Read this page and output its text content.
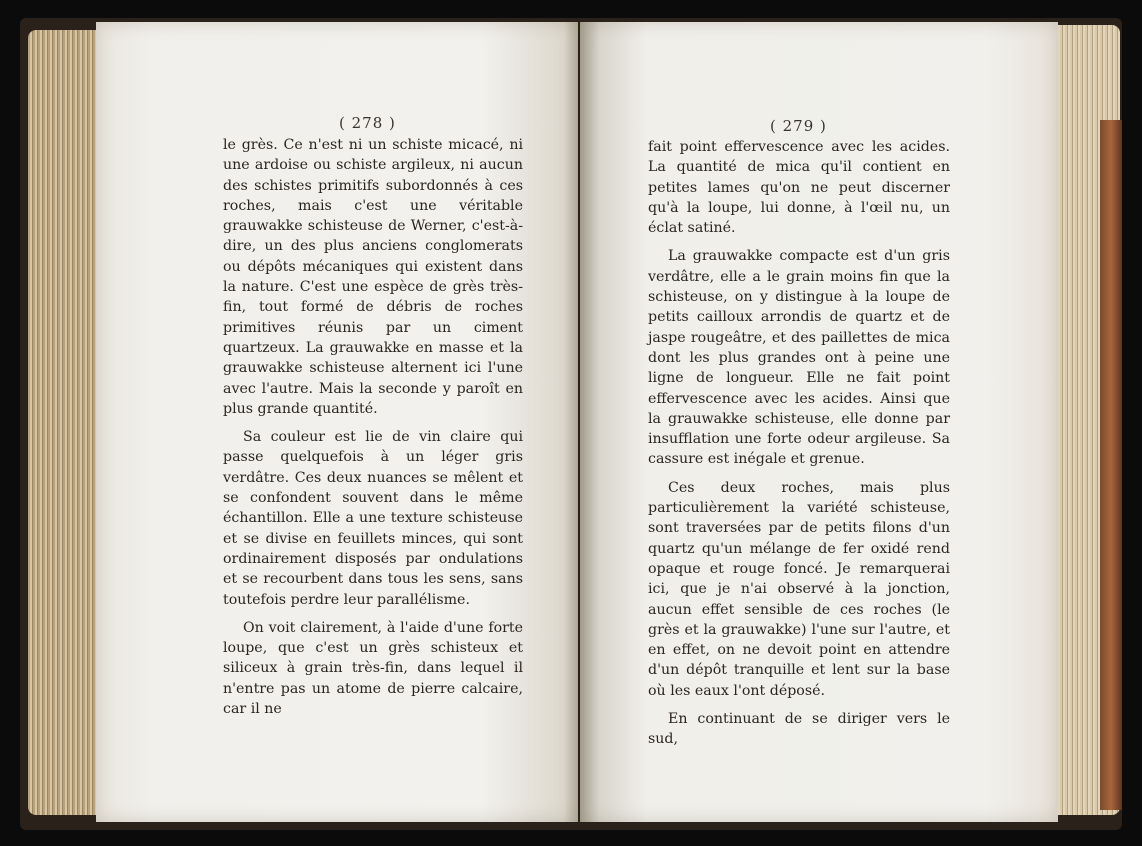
( 278 )

le grès. Ce n'est ni un schiste micacé, ni une ardoise ou schiste argileux, ni aucun des schistes primitifs subordonnés à ces roches, mais c'est une véritable grauwakke schisteuse de Werner, c'est-à-dire, un des plus anciens conglomerats ou dépôts mécaniques qui existent dans la nature. C'est une espèce de grès très-fin, tout formé de débris de roches primitives réunis par un ciment quartzeux. La grauwakke en masse et la grauwakke schisteuse alternent ici l'une avec l'autre. Mais la seconde y paroît en plus grande quantité.

Sa couleur est lie de vin claire qui passe quelquefois à un léger gris verdâtre. Ces deux nuances se mêlent et se confondent souvent dans le même échantillon. Elle a une texture schisteuse et se divise en feuillets minces, qui sont ordinairement disposés par ondulations et se recourbent dans tous les sens, sans toutefois perdre leur parallélisme.

On voit clairement, à l'aide d'une forte loupe, que c'est un grès schisteux et siliceux à grain très-fin, dans lequel il n'entre pas un atome de pierre calcaire, car il ne

( 279 )

fait point effervescence avec les acides. La quantité de mica qu'il contient en petites lames qu'on ne peut discerner qu'à la loupe, lui donne, à l'œil nu, un éclat satiné.

La grauwakke compacte est d'un gris verdâtre, elle a le grain moins fin que la schisteuse, on y distingue à la loupe de petits cailloux arrondis de quartz et de jaspe rougeâtre, et des paillettes de mica dont les plus grandes ont à peine une ligne de longueur. Elle ne fait point effervescence avec les acides. Ainsi que la grauwakke schisteuse, elle donne par insufflation une forte odeur argileuse. Sa cassure est inégale et grenue.

Ces deux roches, mais plus particulièrement la variété schisteuse, sont traversées par de petits filons d'un quartz qu'un mélange de fer oxidé rend opaque et rouge foncé. Je remarquerai ici, que je n'ai observé à la jonction, aucun effet sensible de ces roches (le grès et la grauwakke) l'une sur l'autre, et en effet, on ne devoit point en attendre d'un dépôt tranquille et lent sur la base où les eaux l'ont déposé.

En continuant de se diriger vers le sud,
